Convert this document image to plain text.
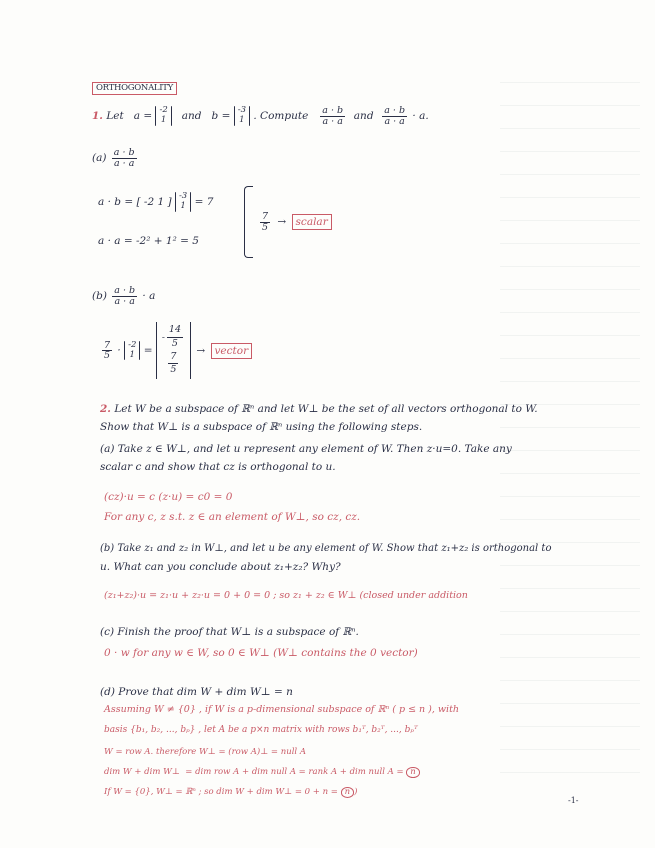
ORTHOGONALITY
1. Let a = -2
1 and b = -3
1 . Compute $\frac{a \cdot b}{a \cdot a}$ and $\frac{a \cdot b}{a \cdot a} \cdot a$.
$(a) \frac{a \cdot b}{a \cdot a}$
a · b = [ -2 1 ] -3
1 = 7
a · a = -2² + 1² = 5
$\frac{7}{5}$ → scalar
$(b) \frac{a \cdot b}{a \cdot a} \cdot a$
$\frac{7}{5} \cdot -2$
1 =
- $\frac{14}{5}$
$\frac{7}{5}$ → vector
2. Let W be a subspace of ℝⁿ and let W⊥ be the set of all vectors orthogonal to W.
Show that W⊥ is a subspace of ℝⁿ using the following steps.
(a) Take z ∈ W⊥, and let u represent any element of W. Then z·u=0. Take any
scalar c and show that cz is orthogonal to u.
(cz)·u = c (z·u) = c0 = 0
For any c, z s.t. z ∈ an element of W⊥, so cz, cz.
(b) Take z₁ and z₂ in W⊥, and let u be any element of W. Show that z₁+z₂ is orthogonal to
u. What can you conclude about z₁+z₂? Why?
(z₁+z₂)·u = z₁·u + z₂·u = 0 + 0 = 0 ; so z₁ + z₂ ∈ W⊥ (closed under addition
(c) Finish the proof that W⊥ is a subspace of ℝⁿ.
0 · w for any w ∈ W, so 0 ∈ W⊥ (W⊥ contains the 0 vector)
(d) Prove that dim W + dim W⊥ = n
Assuming W ≠ {0} , if W is a p-dimensional subspace of ℝⁿ ( p ≤ n ), with
basis {b₁, b₂, ..., bₚ} , let A be a p×n matrix with rows b₁ᵀ, b₂ᵀ, ..., bₚᵀ
W = row A. therefore W⊥ = (row A)⊥ = null A
dim W + dim W⊥ = dim row A + dim null A = rank A + dim null A = n
If W = {0}, W⊥ = ℝⁿ ; so dim W + dim W⊥ = 0 + n = n )
-1-
